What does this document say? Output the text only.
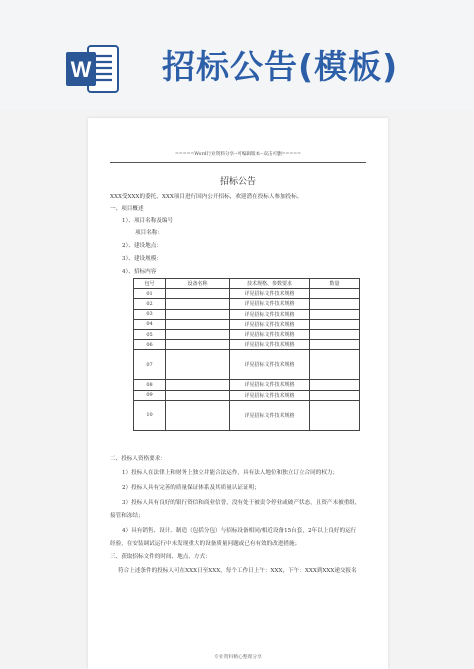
W 招标公告(模板)
=====Word行业资料分享--可编辑版本--双击可删=====
招标公告
XXX受XXX的委托，XXX项目进行国内公开招标，欢迎潜在投标人参加投标。
一、项目概述
1）、项目名称及编号
项目名称：
2）、建设地点：
3）、建设规模：
4）、招标内容
包号	设备名称	技术规格、参数要求	数量
01		详见招标文件技术规格	
02		详见招标文件技术规格	
03		详见招标文件技术规格	
04		详见招标文件技术规格	
05		详见招标文件技术规格	
06		详见招标文件技术规格	
07		详见招标文件技术规格	
08		详见招标文件技术规格	
09		详见招标文件技术规格	
10		详见招标文件技术规格	
二、投标人资格要求：
1）投标人在法律上和财务上独立并能合法运作，具有法人地位和独立订立合同的权力；
2）投标人具有完善的质量保证体系及其质量认证证明；
3）投标人具有良好的银行资信和商业信誉，没有处于被责令停业或破产状态，且资产未被重组，
接管和冻结；
4）具有销售、设计、制造（包括分包）与招标设备相同/相近设备15台套，2年以上良好的运行
经验，在安装调试运行中未发现重大的设备质量问题或已有有效的改进措施；
三、获取招标文件的时间、地点、方式：
符合上述条件的投标人可在XXX日至XXX，每个工作日上午：XXX，下午：XXX到XXX递交报名
专业资料精心整理分享
